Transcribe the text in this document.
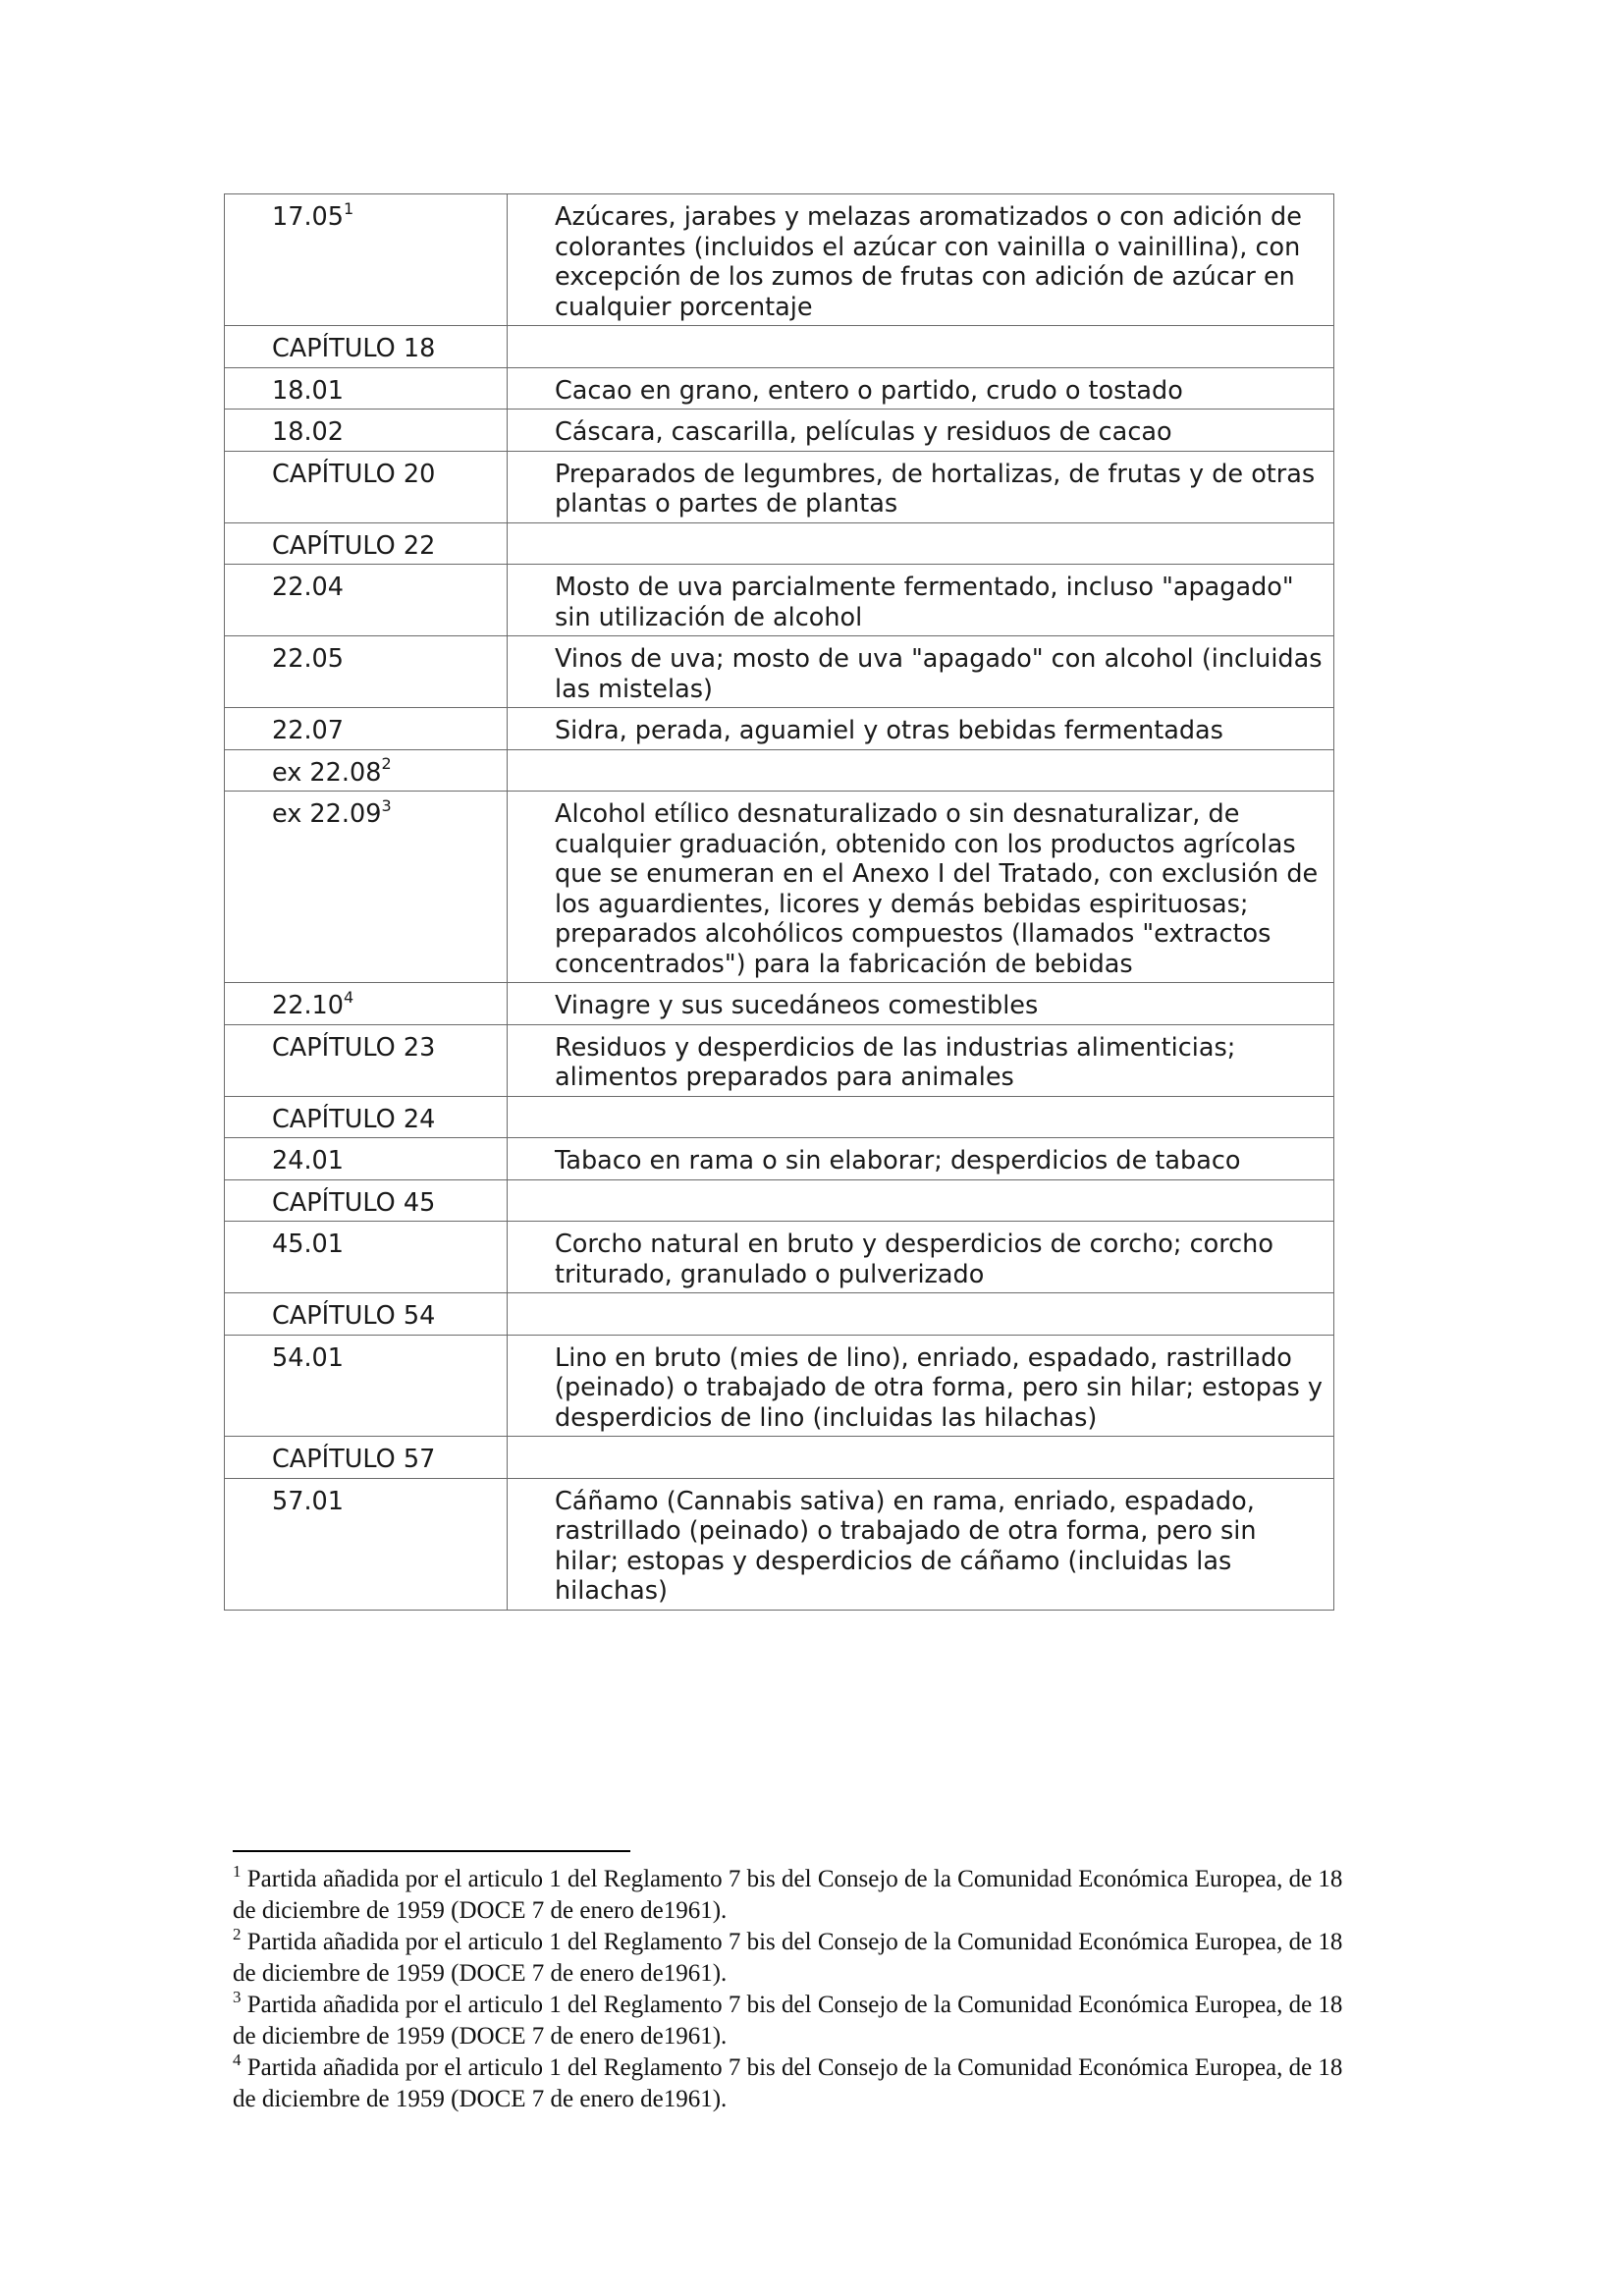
17.05$^1$	Azúcares, jarabes y melazas aromatizados o con adición de colorantes (incluidos el azúcar con vainilla o vainillina), con excepción de los zumos de frutas con adición de azúcar en cualquier porcentaje
CAPÍTULO 18	
18.01	Cacao en grano, entero o partido, crudo o tostado
18.02	Cáscara, cascarilla, películas y residuos de cacao
CAPÍTULO 20	Preparados de legumbres, de hortalizas, de frutas y de otras plantas o partes de plantas
CAPÍTULO 22	
22.04	Mosto de uva parcialmente fermentado, incluso "apagado" sin utilización de alcohol
22.05	Vinos de uva; mosto de uva "apagado" con alcohol (incluidas las mistelas)
22.07	Sidra, perada, aguamiel y otras bebidas fermentadas
ex 22.08$^2$	
ex 22.09$^3$	Alcohol etílico desnaturalizado o sin desnaturalizar, de cualquier graduación, obtenido con los productos agrícolas que se enumeran en el Anexo I del Tratado, con exclusión de los aguardientes, licores y demás bebidas espirituosas; preparados alcohólicos compuestos (llamados "extractos concentrados") para la fabricación de bebidas
22.10$^4$	Vinagre y sus sucedáneos comestibles
CAPÍTULO 23	Residuos y desperdicios de las industrias alimenticias; alimentos preparados para animales
CAPÍTULO 24	
24.01	Tabaco en rama o sin elaborar; desperdicios de tabaco
CAPÍTULO 45	
45.01	Corcho natural en bruto y desperdicios de corcho; corcho triturado, granulado o pulverizado
CAPÍTULO 54	
54.01	Lino en bruto (mies de lino), enriado, espadado, rastrillado (peinado) o trabajado de otra forma, pero sin hilar; estopas y desperdicios de lino (incluidas las hilachas)
CAPÍTULO 57	
57.01	Cáñamo (Cannabis sativa) en rama, enriado, espadado, rastrillado (peinado) o trabajado de otra forma, pero sin hilar; estopas y desperdicios de cáñamo (incluidas las hilachas)
$^1$ Partida añadida por el articulo 1 del Reglamento 7 bis del Consejo de la Comunidad Económica Europea, de 18 de diciembre de 1959 (DOCE 7 de enero de1961).
$^2$ Partida añadida por el articulo 1 del Reglamento 7 bis del Consejo de la Comunidad Económica Europea, de 18 de diciembre de 1959 (DOCE 7 de enero de1961).
$^3$ Partida añadida por el articulo 1 del Reglamento 7 bis del Consejo de la Comunidad Económica Europea, de 18 de diciembre de 1959 (DOCE 7 de enero de1961).
$^4$ Partida añadida por el articulo 1 del Reglamento 7 bis del Consejo de la Comunidad Económica Europea, de 18 de diciembre de 1959 (DOCE 7 de enero de1961).
